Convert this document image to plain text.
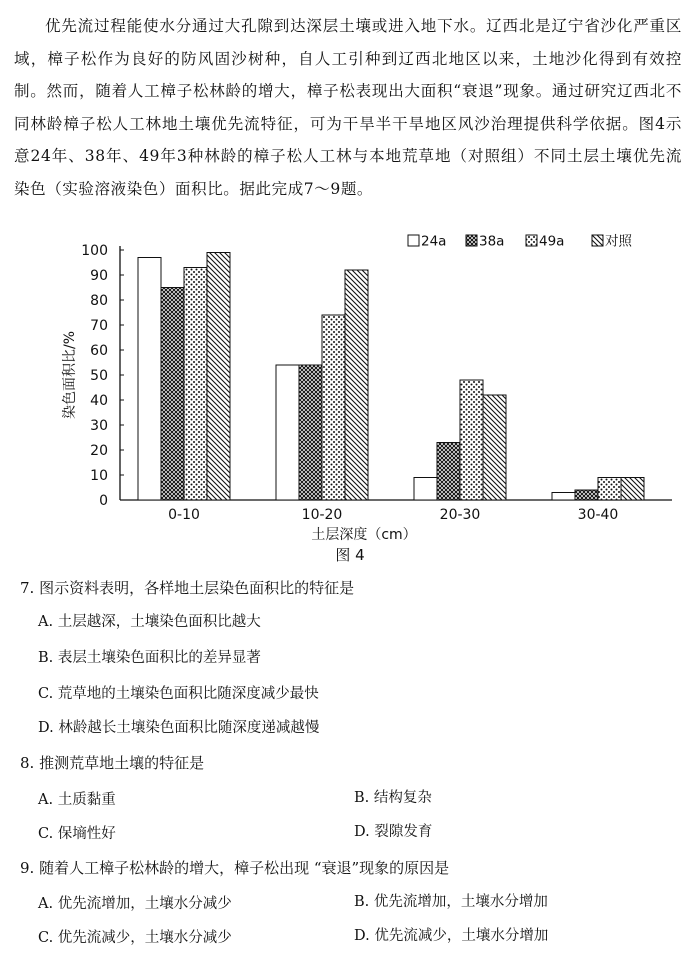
优先流过程能使水分通过大孔隙到达深层土壤或进入地下水。辽西北是辽宁省沙化严重区域，樟子松作为良好的防风固沙树种，自人工引种到辽西北地区以来，土地沙化得到有效控制。然而，随着人工樟子松林龄的增大，樟子松表现出大面积“衰退”现象。通过研究辽西北不同林龄樟子松人工林地土壤优先流特征，可为干旱半干旱地区风沙治理提供科学依据。图4示意24年、38年、49年3种林龄的樟子松人工林与本地荒草地（对照组）不同土层土壤优先流染色（实验溶液染色）面积比。据此完成7～9题。

0
10
20
30
40
50
60
70
80
90
100
染色面积比/%
0-10	10-20	20-30	30-40
土层深度（cm）
图 4
24a 38a	49a	对照
7. 图示资料表明，各样地土层染色面积比的特征是
A. 土层越深，土壤染色面积比越大
B. 表层土壤染色面积比的差异显著
C. 荒草地的土壤染色面积比随深度减少最快
D. 林龄越长土壤染色面积比随深度递减越慢
8. 推测荒草地土壤的特征是
A. 土质黏重	B. 结构复杂
C. 保墒性好	D. 裂隙发育
9. 随着人工樟子松林龄的增大，樟子松出现 “衰退”现象的原因是
A. 优先流增加，土壤水分减少	B. 优先流增加，土壤水分增加
C. 优先流减少，土壤水分减少	D. 优先流减少，土壤水分增加
